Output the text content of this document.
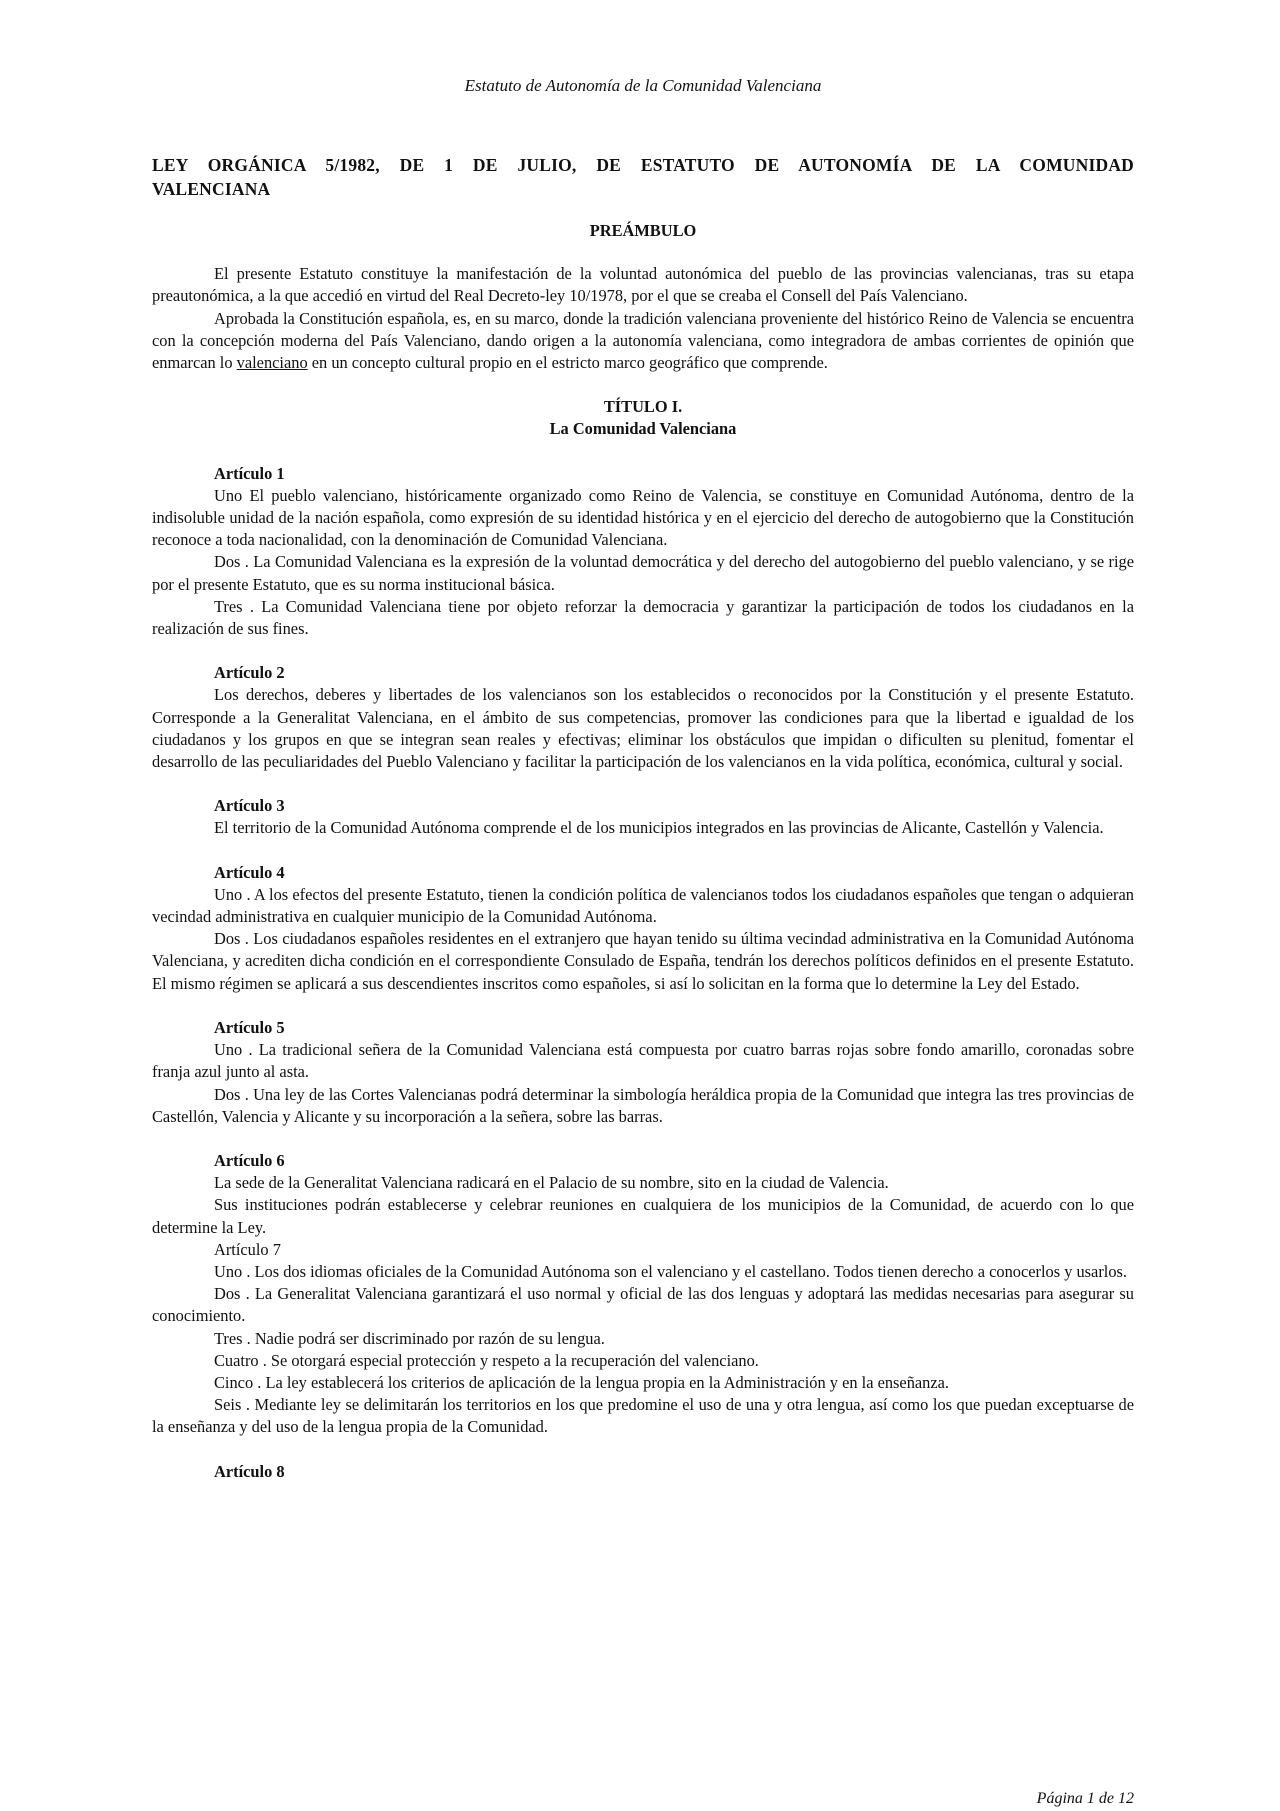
Estatuto de Autonomía de la Comunidad Valenciana
LEY ORGÁNICA 5/1982, DE 1 DE JULIO, DE ESTATUTO DE AUTONOMÍA DE LA COMUNIDAD
VALENCIANA
PREÁMBULO

El presente Estatuto constituye la manifestación de la voluntad autonómica del pueblo de las provincias valencianas, tras su etapa preautonómica, a la que accedió en virtud del Real Decreto-ley 10/1978, por el que se creaba el Consell del País Valenciano.

Aprobada la Constitución española, es, en su marco, donde la tradición valenciana proveniente del histórico Reino de Valencia se encuentra con la concepción moderna del País Valenciano, dando origen a la autonomía valenciana, como integradora de ambas corrientes de opinión que enmarcan lo valenciano en un concepto cultural propio en el estricto marco geográfico que comprende.

TÍTULO I.
La Comunidad Valenciana
Artículo 1

Uno El pueblo valenciano, históricamente organizado como Reino de Valencia, se constituye en Comunidad Autónoma, dentro de la indisoluble unidad de la nación española, como expresión de su identidad histórica y en el ejercicio del derecho de autogobierno que la Constitución reconoce a toda nacionalidad, con la denominación de Comunidad Valenciana.

Dos . La Comunidad Valenciana es la expresión de la voluntad democrática y del derecho del autogobierno del pueblo valenciano, y se rige por el presente Estatuto, que es su norma institucional básica.

Tres . La Comunidad Valenciana tiene por objeto reforzar la democracia y garantizar la participación de todos los ciudadanos en la realización de sus fines.

Artículo 2

Los derechos, deberes y libertades de los valencianos son los establecidos o reconocidos por la Constitución y el presente Estatuto. Corresponde a la Generalitat Valenciana, en el ámbito de sus competencias, promover las condiciones para que la libertad e igualdad de los ciudadanos y los grupos en que se integran sean reales y efectivas; eliminar los obstáculos que impidan o dificulten su plenitud, fomentar el desarrollo de las peculiaridades del Pueblo Valenciano y facilitar la participación de los valencianos en la vida política, económica, cultural y social.

Artículo 3

El territorio de la Comunidad Autónoma comprende el de los municipios integrados en las provincias de Alicante, Castellón y Valencia.

Artículo 4

Uno . A los efectos del presente Estatuto, tienen la condición política de valencianos todos los ciudadanos españoles que tengan o adquieran vecindad administrativa en cualquier municipio de la Comunidad Autónoma.

Dos . Los ciudadanos españoles residentes en el extranjero que hayan tenido su última vecindad administrativa en la Comunidad Autónoma Valenciana, y acrediten dicha condición en el correspondiente Consulado de España, tendrán los derechos políticos definidos en el presente Estatuto. El mismo régimen se aplicará a sus descendientes inscritos como españoles, si así lo solicitan en la forma que lo determine la Ley del Estado.

Artículo 5

Uno . La tradicional señera de la Comunidad Valenciana está compuesta por cuatro barras rojas sobre fondo amarillo, coronadas sobre franja azul junto al asta.

Dos . Una ley de las Cortes Valencianas podrá determinar la simbología heráldica propia de la Comunidad que integra las tres provincias de Castellón, Valencia y Alicante y su incorporación a la señera, sobre las barras.

Artículo 6

La sede de la Generalitat Valenciana radicará en el Palacio de su nombre, sito en la ciudad de Valencia.

Sus instituciones podrán establecerse y celebrar reuniones en cualquiera de los municipios de la Comunidad, de acuerdo con lo que determine la Ley.

Artículo 7

Uno . Los dos idiomas oficiales de la Comunidad Autónoma son el valenciano y el castellano. Todos tienen derecho a conocerlos y usarlos.

Dos . La Generalitat Valenciana garantizará el uso normal y oficial de las dos lenguas y adoptará las medidas necesarias para asegurar su conocimiento.

Tres . Nadie podrá ser discriminado por razón de su lengua.

Cuatro . Se otorgará especial protección y respeto a la recuperación del valenciano.

Cinco . La ley establecerá los criterios de aplicación de la lengua propia en la Administración y en la enseñanza.

Seis . Mediante ley se delimitarán los territorios en los que predomine el uso de una y otra lengua, así como los que puedan exceptuarse de la enseñanza y del uso de la lengua propia de la Comunidad.

Artículo 8
Página 1 de 12
